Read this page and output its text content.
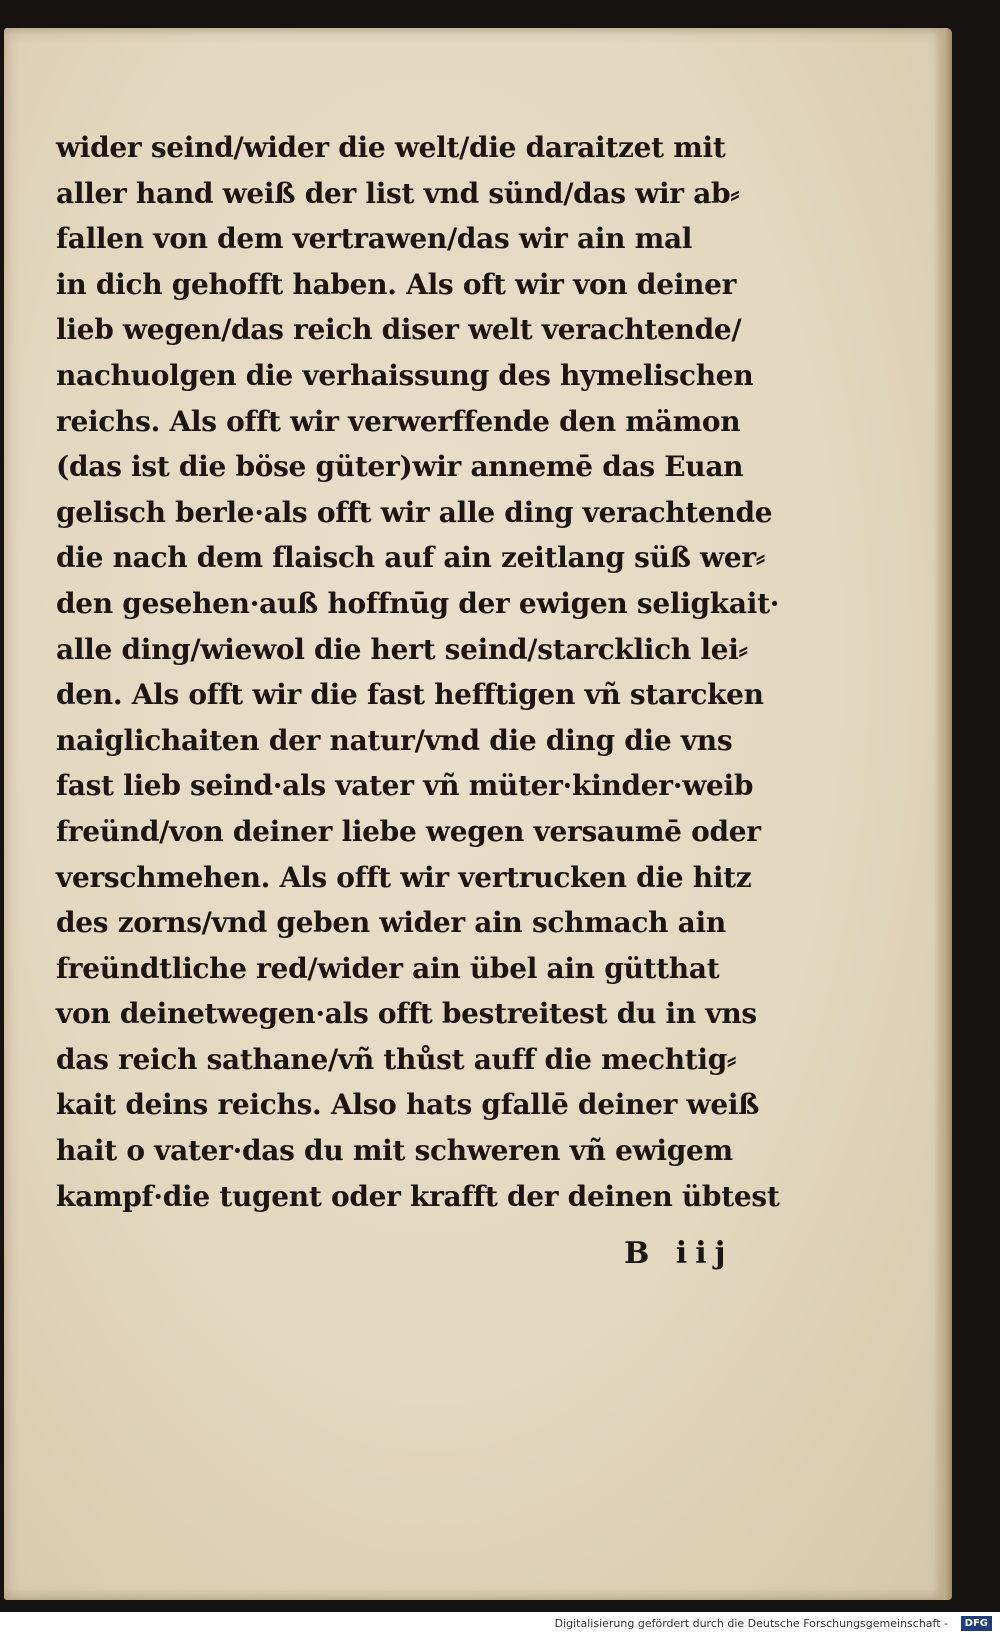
wider seind/wider die welt/die daraitzet mit
aller hand weiß der list vnd sünd/das wir ab⸗
fallen von dem vertrawen/das wir ain mal
in dich gehofft haben. Als oft wir von deiner
lieb wegen/das reich diser welt verachtende/
nachuolgen die verhaissung des hymelischen
reichs. Als offt wir verwerffende den mämon
(das ist die böse güter)wir annemē das Euan
gelisch berle·als offt wir alle ding verachtende
die nach dem flaisch auf ain zeitlang süß wer⸗
den gesehen·auß hoffnūg der ewigen seligkait·
alle ding/wiewol die hert seind/starcklich lei⸗
den. Als offt wir die fast hefftigen vñ starcken
naiglichaiten der natur/vnd die ding die vns
fast lieb seind·als vater vñ müter·kinder·weib
freünd/von deiner liebe wegen versaumē oder
verschmehen. Als offt wir vertrucken die hitz
des zorns/vnd geben wider ain schmach ain
freündtliche red/wider ain übel ain gütthat
von deinetwegen·als offt bestreitest du in vns
das reich sathane/vñ thůst auff die mechtig⸗
kait deins reichs. Also hats gfallē deiner weiß
hait o vater·das du mit schweren vñ ewigem
kampf·die tugent oder krafft der deinen übtest
B iij
Digitalisierung gefördert durch die Deutsche Forschungsgemeinschaft -	DFG
